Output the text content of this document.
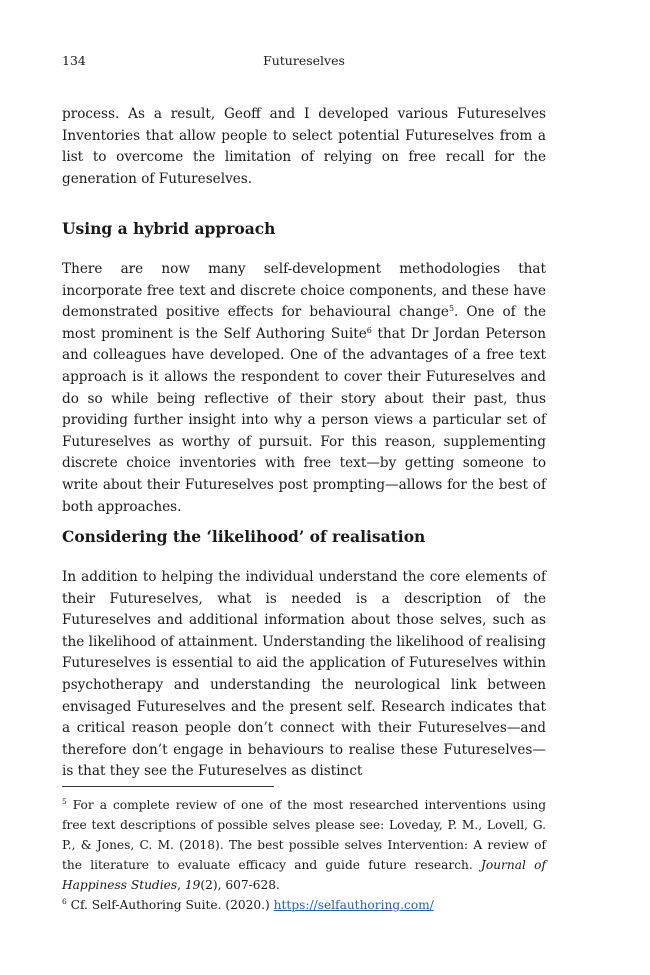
134	Futureselves

process. As a result, Geoff and I developed various Futureselves Inventories that allow people to select potential Futureselves from a list to overcome the limitation of relying on free recall for the generation of Futureselves.

Using a hybrid approach

There are now many self-development methodologies that incorporate free text and discrete choice components, and these have demonstrated positive effects for behavioural change$^5$. One of the most prominent is the Self Authoring Suite$^6$ that Dr Jordan Peterson and colleagues have developed. One of the advantages of a free text approach is it allows the respondent to cover their Futureselves and do so while being reflective of their story about their past, thus providing further insight into why a person views a particular set of Futureselves as worthy of pursuit. For this reason, supplementing discrete choice inventories with free text—by getting someone to write about their Futureselves post prompting—allows for the best of both approaches.

Considering the ‘likelihood’ of realisation

In addition to helping the individual understand the core elements of their Futureselves, what is needed is a description of the Futureselves and additional information about those selves, such as the likelihood of attainment. Understanding the likelihood of realising Futureselves is essential to aid the application of Futureselves within psychotherapy and understanding the neurological link between envisaged Futureselves and the present self. Research indicates that a critical reason people don’t connect with their Futureselves—and therefore don’t engage in behaviours to realise these Futureselves—is that they see the Futureselves as distinct

$^5$ For a complete review of one of the most researched interventions using free text descriptions of possible selves please see: Loveday, P. M., Lovell, G. P., & Jones, C. M. (2018). The best possible selves Intervention: A review of the literature to evaluate efficacy and guide future research. Journal of Happiness Studies, 19(2), 607-628.

$^6$ Cf. Self-Authoring Suite. (2020.) https://selfauthoring.com/
